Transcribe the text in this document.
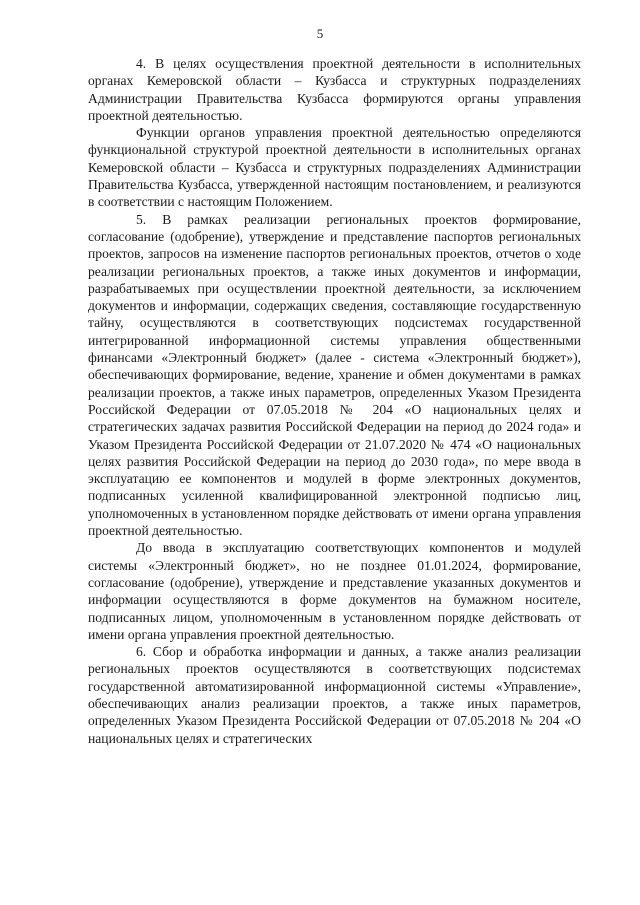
5

4. В целях осуществления проектной деятельности в исполнительных органах Кемеровской области – Кузбасса и структурных подразделениях Администрации Правительства Кузбасса формируются органы управления проектной деятельностью.

Функции органов управления проектной деятельностью определяются функциональной структурой проектной деятельности в исполнительных органах Кемеровской области – Кузбасса и структурных подразделениях Администрации Правительства Кузбасса, утвержденной настоящим постановлением, и реализуются в соответствии с настоящим Положением.

5. В рамках реализации региональных проектов формирование, согласование (одобрение), утверждение и представление паспортов региональных проектов, запросов на изменение паспортов региональных проектов, отчетов о ходе реализации региональных проектов, а также иных документов и информации, разрабатываемых при осуществлении проектной деятельности, за исключением документов и информации, содержащих сведения, составляющие государственную тайну, осуществляются в соответствующих подсистемах государственной интегрированной информационной системы управления общественными финансами «Электронный бюджет» (далее - система «Электронный бюджет»), обеспечивающих формирование, ведение, хранение и обмен документами в рамках реализации проектов, а также иных параметров, определенных Указом Президента Российской Федерации от 07.05.2018 № 204 «О национальных целях и стратегических задачах развития Российской Федерации на период до 2024 года» и Указом Президента Российской Федерации от 21.07.2020 № 474 «О национальных целях развития Российской Федерации на период до 2030 года», по мере ввода в эксплуатацию ее компонентов и модулей в форме электронных документов, подписанных усиленной квалифицированной электронной подписью лиц, уполномоченных в установленном порядке действовать от имени органа управления проектной деятельностью.

До ввода в эксплуатацию соответствующих компонентов и модулей системы «Электронный бюджет», но не позднее 01.01.2024, формирование, согласование (одобрение), утверждение и представление указанных документов и информации осуществляются в форме документов на бумажном носителе, подписанных лицом, уполномоченным в установленном порядке действовать от имени органа управления проектной деятельностью.

6. Сбор и обработка информации и данных, а также анализ реализации региональных проектов осуществляются в соответствующих подсистемах государственной автоматизированной информационной системы «Управление», обеспечивающих анализ реализации проектов, а также иных параметров, определенных Указом Президента Российской Федерации от 07.05.2018 № 204 «О национальных целях и стратегических
